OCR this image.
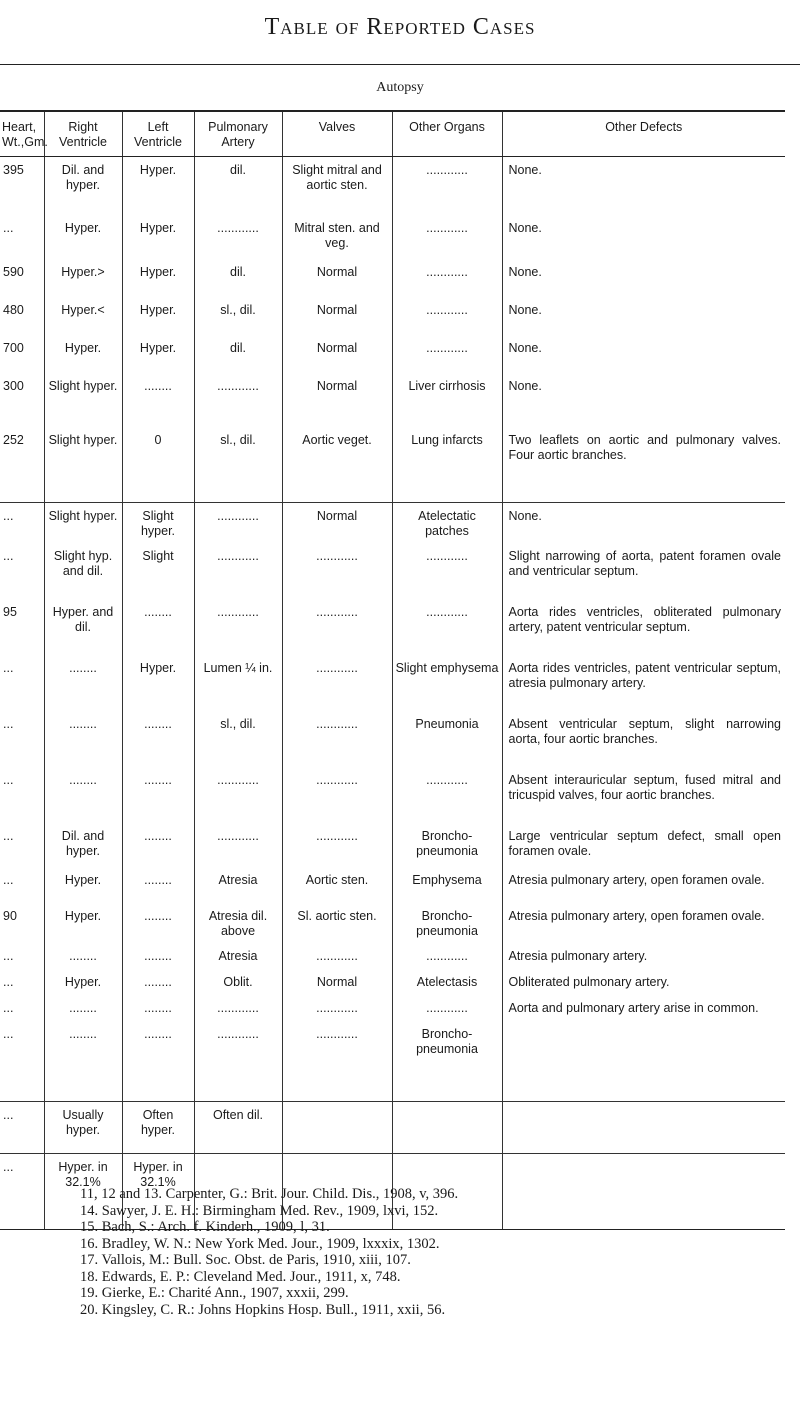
Table of Reported Cases
Autopsy
Heart, Wt.,Gm.	Right Ventricle	Left Ventricle	Pulmonary Artery	Valves	Other Organs	Other Defects
395	Dil. and hyper.	Hyper.	dil.	Slight mitral and aortic sten.	............	None.
...	Hyper.	Hyper.	............	Mitral sten. and veg.	............	None.
590	Hyper.>	Hyper.	dil.	Normal	............	None.
480	Hyper.<	Hyper.	sl., dil.	Normal	............	None.
700	Hyper.	Hyper.	dil.	Normal	............	None.
300	Slight hyper.	........	............	Normal	Liver cirrhosis	None.
252	Slight hyper.	0	sl., dil.	Aortic veget.	Lung infarcts	Two leaflets on aortic and pulmonary valves. Four aortic branches.
...	Slight hyper.	Slight hyper.	............	Normal	Atelectatic patches	None.
...	Slight hyp. and dil.	Slight	............	............	............	Slight narrowing of aorta, patent foramen ovale and ventricular septum.
95	Hyper. and dil.	........	............	............	............	Aorta rides ventricles, obliterated pulmonary artery, patent ventricular septum.
...	........	Hyper.	Lumen ¼ in.	............	Slight emphysema	Aorta rides ventricles, patent ventricular septum, atresia pulmonary artery.
...	........	........	sl., dil.	............	Pneumonia	Absent ventricular septum, slight narrowing aorta, four aortic branches.
...	........	........	............	............	............	Absent interauricular septum, fused mitral and tricuspid valves, four aortic branches.
...	Dil. and hyper.	........	............	............	Broncho-pneumonia	Large ventricular septum defect, small open foramen ovale.
...	Hyper.	........	Atresia	Aortic sten.	Emphysema	Atresia pulmonary artery, open foramen ovale.
90	Hyper.	........	Atresia dil. above	Sl. aortic sten.	Broncho-pneumonia	Atresia pulmonary artery, open foramen ovale.
...	........	........	Atresia	............	............	Atresia pulmonary artery.
...	Hyper.	........	Oblit.	Normal	Atelectasis	Obliterated pulmonary artery.
...	........	........	............	............	............	Aorta and pulmonary artery arise in common.
...	........	........	............	............	Broncho-pneumonia	
...	Usually hyper.	Often hyper.	Often dil.			
...	Hyper. in 32.1%	Hyper. in 32.1%				
11, 12 and 13. Carpenter, G.: Brit. Jour. Child. Dis., 1908, v, 396.
14. Sawyer, J. E. H.: Birmingham Med. Rev., 1909, lxvi, 152.
15. Bach, S.: Arch. f. Kinderh., 1909, l, 31.
16. Bradley, W. N.: New York Med. Jour., 1909, lxxxix, 1302.
17. Vallois, M.: Bull. Soc. Obst. de Paris, 1910, xiii, 107.
18. Edwards, E. P.: Cleveland Med. Jour., 1911, x, 748.
19. Gierke, E.: Charité Ann., 1907, xxxii, 299.
20. Kingsley, C. R.: Johns Hopkins Hosp. Bull., 1911, xxii, 56.
